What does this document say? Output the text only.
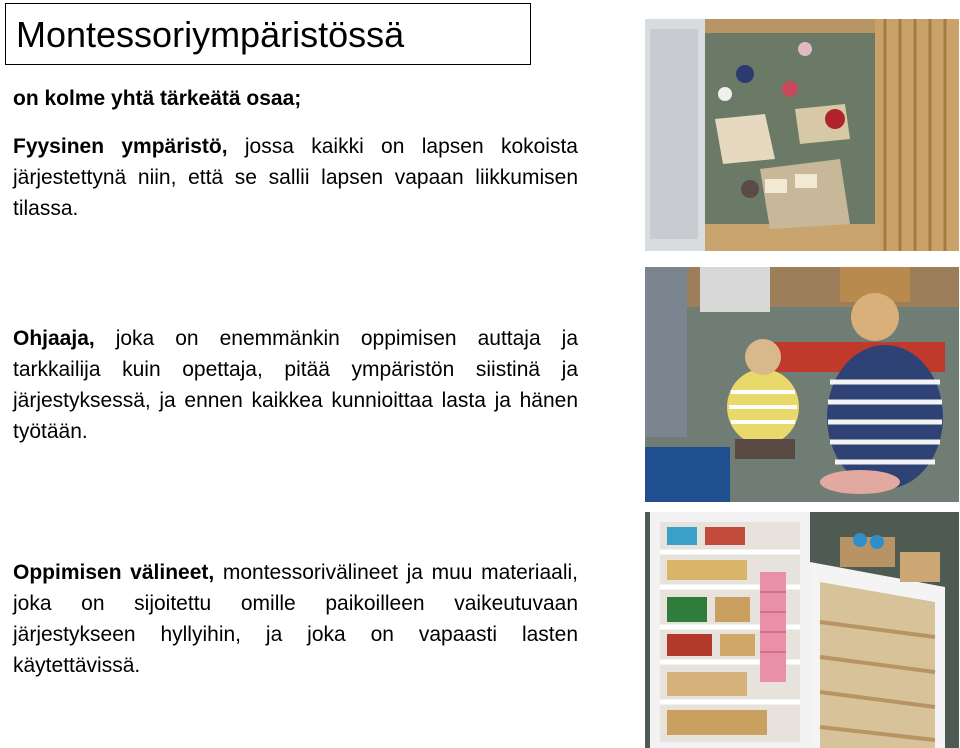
Montessoriympäristössä
on kolme yhtä tärkeätä osaa;
Fyysinen ympäristö, jossa kaikki on lapsen kokoista järjestettynä niin, että se sallii lapsen vapaan liikkumisen tilassa.
Ohjaaja, joka on enemmänkin oppimisen auttaja ja tarkkailija kuin opettaja, pitää ympäristön siistinä ja järjestyksessä, ja ennen kaikkea kunnioittaa lasta ja hänen työtään.
Oppimisen välineet, montessorivälineet ja muu materiaali, joka on sijoitettu omille paikoilleen vaikeutuvaan järjestykseen hyllyihin, ja joka on vapaasti lasten käytettävissä.
